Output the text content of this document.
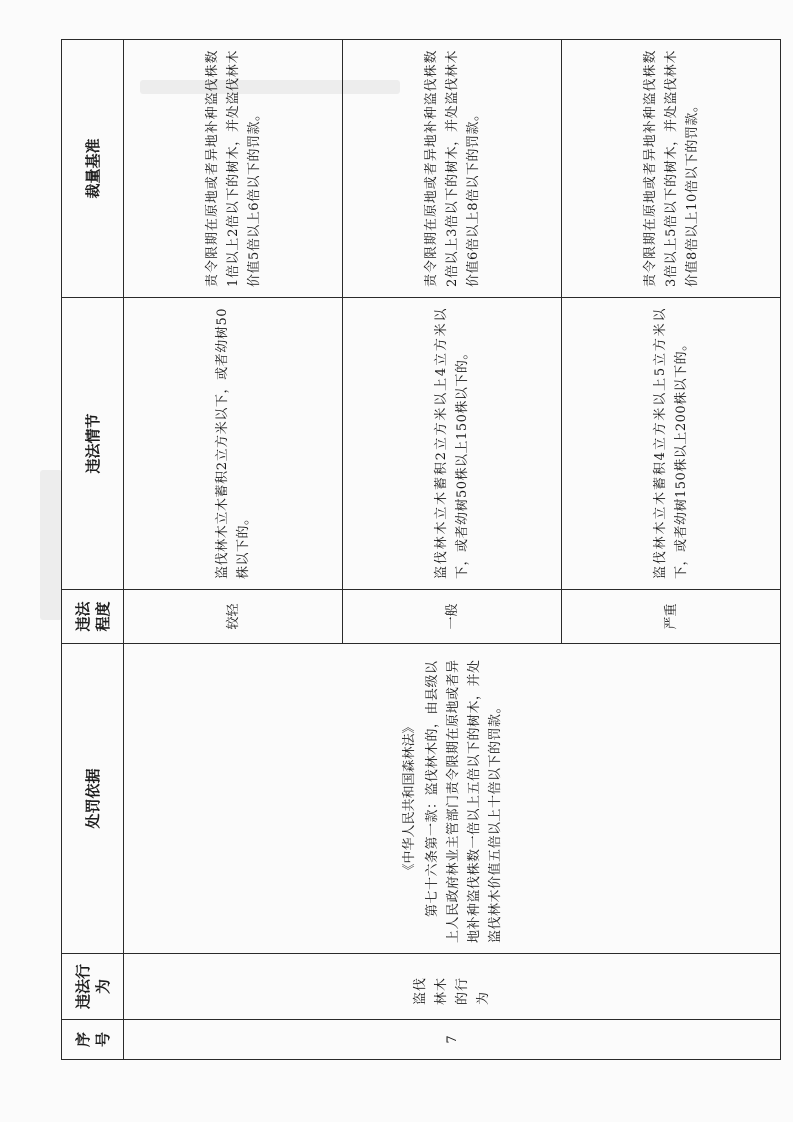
序号	违法行为	处罚依据	违法程度	违法情节	裁量基准
7	盗伐林木的行为	《中华人民共和国森林法》 第七十六条第一款：盗伐林木的，由县级以上人民政府林业主管部门责令限期在原地或者异地补种盗伐株数一倍以上五倍以下的树木，并处盗伐林木价值五倍以上十倍以下的罚款。	较轻	盗伐林木立木蓄积2立方米以下，或者幼树50株以下的。	责令限期在原地或者异地补种盗伐株数1倍以上2倍以下的树木，并处盗伐林木价值5倍以上6倍以下的罚款。

			一般	盗伐林木立木蓄积2立方米以上4立方米以下，或者幼树50株以上150株以下的。	责令限期在原地或者异地补种盗伐株数2倍以上3倍以下的树木，并处盗伐林木价值6倍以上8倍以下的罚款。

			严重	盗伐林木立木蓄积4立方米以上5立方米以下，或者幼树150株以上200株以下的。	责令限期在原地或者异地补种盗伐株数3倍以上5倍以下的树木，并处盗伐林木价值8倍以上10倍以下的罚款。
